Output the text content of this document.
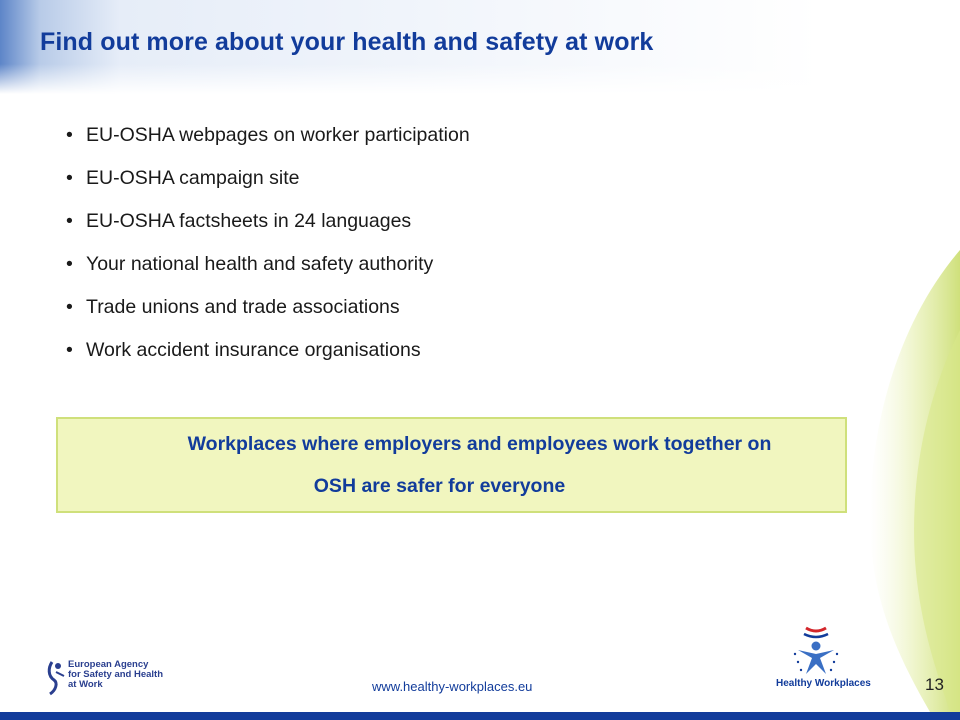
Find out more about your health and safety at work
• EU-OSHA webpages on worker participation
• EU-OSHA campaign site
• EU-OSHA factsheets in 24 languages
• Your national health and safety authority
• Trade unions and trade associations
• Work accident insurance organisations
Workplaces where employers and employees work together on
OSH are safer for everyone
European Agency
for Safety and Health
at Work	www.healthy-workplaces.eu	Healthy Workplaces	13
